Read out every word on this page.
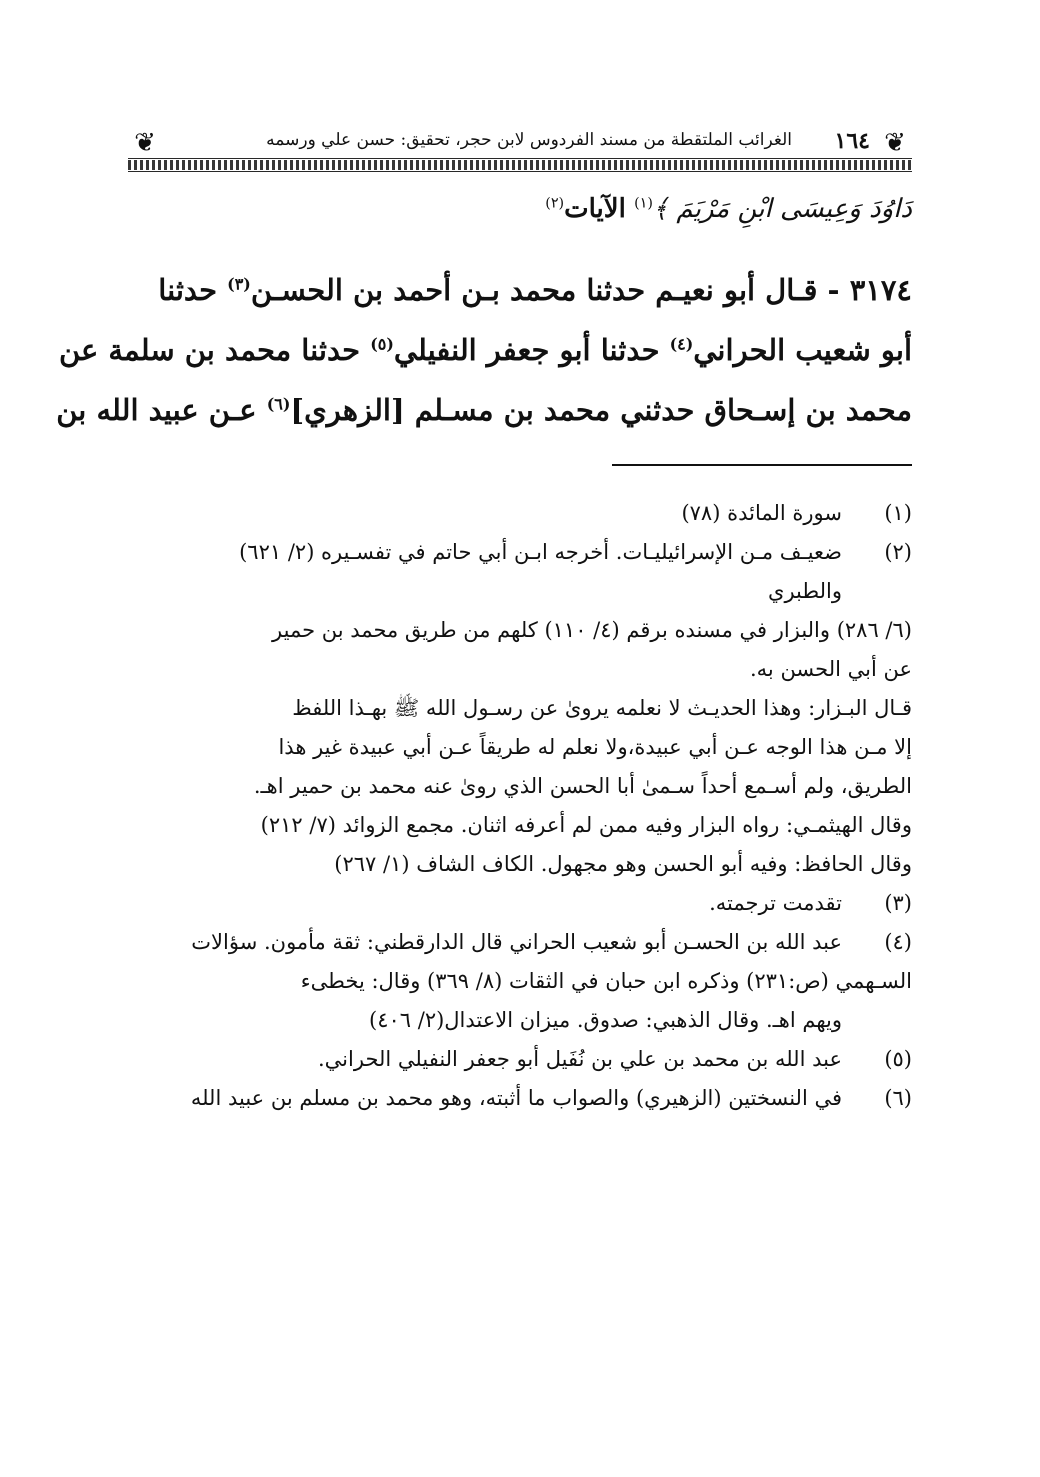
❦	❦
١٦٤
الغرائب الملتقطة من مسند الفردوس لابن حجر، تحقيق: حسن علي ورسمه
دَاوُدَ وَعِيسَى ابْنِ مَرْيَمَ ﴾$^{(١)}$ الآيات$^{(٢)}$
٣١٧٤ - قـال أبو نعيـم حدثنا محمد بـن أحمد بن الحسـن$^{(٣)}$ حدثنا
أبو شعيب الحراني$^{(٤)}$ حدثنا أبو جعفر النفيلي$^{(٥)}$ حدثنا محمد بن سلمة عن
محمد بن إسـحاق حدثني محمد بن مسـلم [الزهري]$^{(٦)}$ عـن عبيد الله بن
(١)
سورة المائدة (٧٨)
(٢)
ضعيـف مـن الإسرائيليـات. أخرجه ابـن أبي حاتم في تفسـيره (٢/ ٦٢١)
والطبري
(٦/ ٢٨٦) والبزار في مسنده برقم (٤/ ١١٠) كلهم من طريق محمد بن حمير
عن أبي الحسن به.
قـال البـزار: وهذا الحديـث لا نعلمه يرو‌ىٰ عن رسـول الله ﷺ بهـذا اللفظ
إلا مـن هذا الوجه عـن أبي عبيدة،ولا نعلم له طريقاً عـن أبي عبيدة غير هذا
الطريق، ولم أسـمع أحداً سـمىٰ أبا الحسن الذي روىٰ عنه محمد بن حمير اهـ.
وقال الهيثمـي: رواه البزار وفيه ممن لم أعرفه اثنان. مجمع الزوائد (٧/ ٢١٢)
وقال الحافظ: وفيه أبو الحسن وهو مجهول. الكاف الشاف (١/ ٢٦٧)
(٣)
تقدمت ترجمته.
(٤)
عبد الله بن الحسـن أبو شعيب الحراني قال الدارقطني: ثقة مأمون. سؤالات
السـهمي (ص:٢٣١) وذكره ابن حبان في الثقات (٨/ ٣٦٩) وقال: يخطىء
ويهم اهـ. وقال الذهبي: صدوق. ميزان الاعتدال(٢/ ٤٠٦)
(٥)
عبد الله بن محمد بن علي بن نُفَيل أبو جعفر النفيلي الحراني.
(٦)
في النسختين (الزهيري) والصواب ما أثبته، وهو محمد بن مسلم بن عبيد الله
